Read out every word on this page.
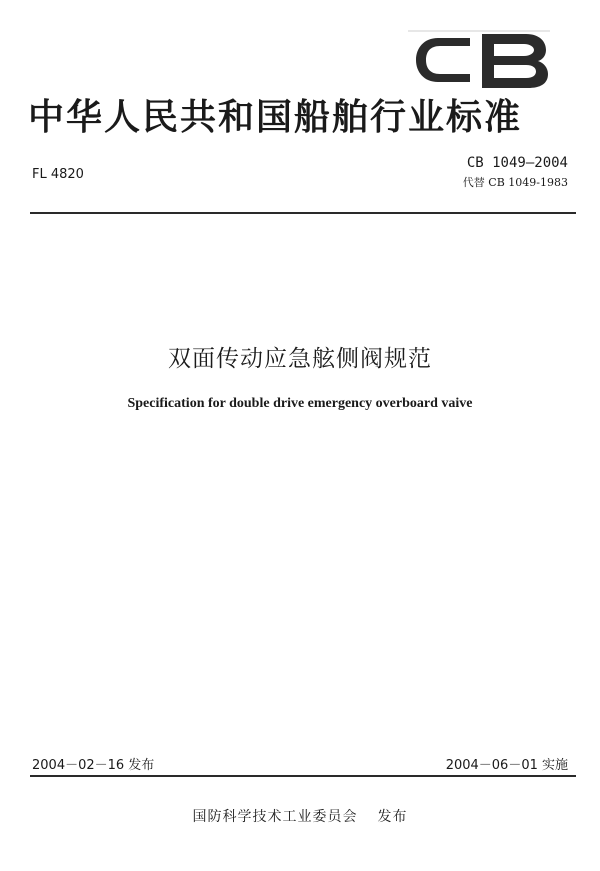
中华人民共和国船舶行业标准
FL 4820
CB 1049—2004
代替 CB 1049-1983
双面传动应急舷侧阀规范
Specification for double drive emergency overboard vaive
2004－02－16 发布	2004－06－01 实施
国防科学技术工业委员会 发布
